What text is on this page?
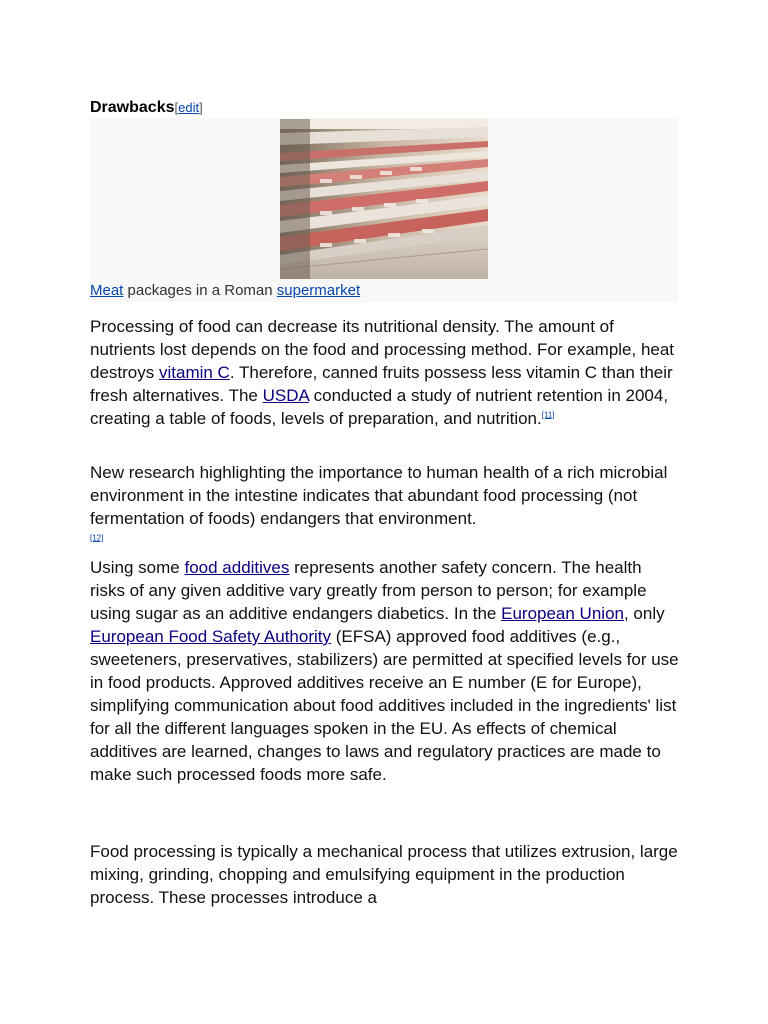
Drawbacks[edit]
Meat packages in a Roman supermarket

Processing of food can decrease its nutritional density. The amount of nutrients lost depends on the food and processing method. For example, heat destroys vitamin C. Therefore, canned fruits possess less vitamin C than their fresh alternatives. The USDA conducted a study of nutrient retention in 2004, creating a table of foods, levels of preparation, and nutrition.[11]

New research highlighting the importance to human health of a rich microbial environment in the intestine indicates that abundant food processing (not fermentation of foods) endangers that environment.
[12]

Using some food additives represents another safety concern. The health risks of any given additive vary greatly from person to person; for example using sugar as an additive endangers diabetics. In the European Union, only European Food Safety Authority (EFSA) approved food additives (e.g., sweeteners, preservatives, stabilizers) are permitted at specified levels for use in food products. Approved additives receive an E number (E for Europe), simplifying communication about food additives included in the ingredients' list for all the different languages spoken in the EU. As effects of chemical additives are learned, changes to laws and regulatory practices are made to make such processed foods more safe.

Food processing is typically a mechanical process that utilizes extrusion, large mixing, grinding, chopping and emulsifying equipment in the production process. These processes introduce a
